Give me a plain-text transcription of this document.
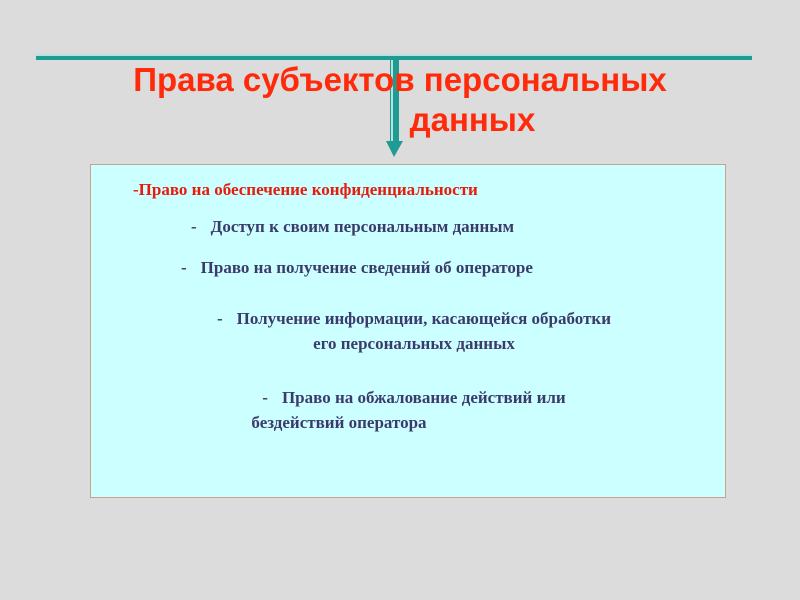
Права субъектов персональных
данных

-Право на обеспечение конфиденциальности

- Доступ к своим персональным данным

- Право на получение сведений об операторе

- Получение информации, касающейся обработки
его персональных данных
- Право на обжалование действий или
бездействий оператора
